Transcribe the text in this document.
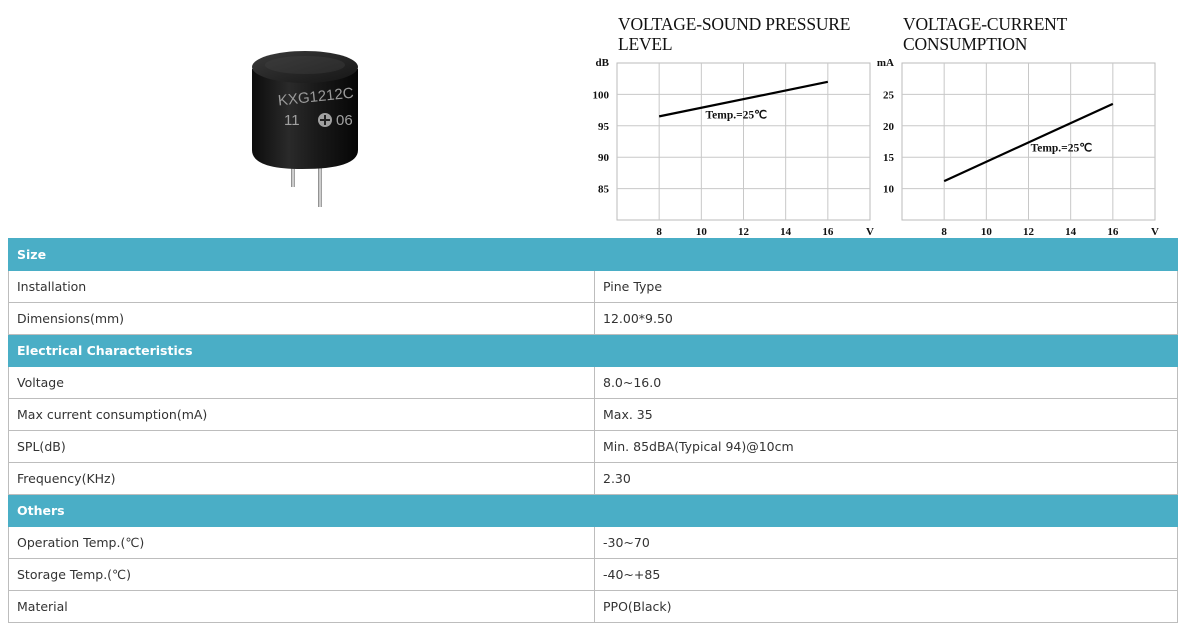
KXG1212C
11 06
8	10	12	14	16
85
90
95
100
dB
V
Temp.=25℃
VOLTAGE-SOUND PRESSURE
LEVEL
8	10	12	14	16
10
15
20
25
mA
V
Temp.=25℃
VOLTAGE-CURRENT
CONSUMPTION
Size	
Installation	Pine Type
Dimensions(mm)	12.00*9.50
Electrical Characteristics	
Voltage	8.0~16.0
Max current consumption(mA)	Max. 35
SPL(dB)	Min. 85dBA(Typical 94)@10cm
Frequency(KHz)	2.30
Others	
Operation Temp.(℃)	-30~70
Storage Temp.(℃)	-40~+85
Material	PPO(Black)
